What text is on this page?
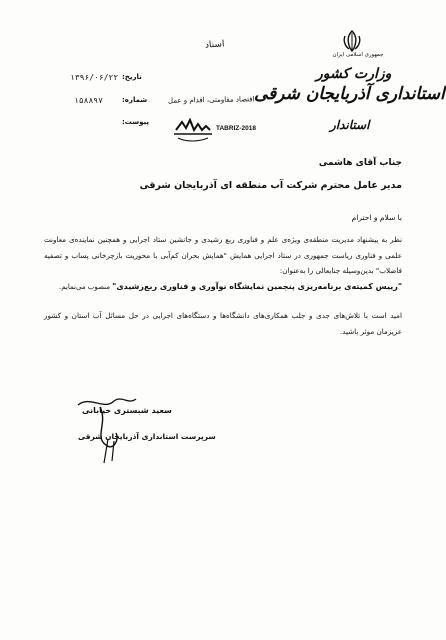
جمهوری اسلامی ایران
اسناد
وزارت کشور
استانداری آذربایجان شرقی
استاندار
اقتصاد مقاومتی، اقدام و عمل
تاریخ:
۱۳۹۶/۰۶/۲۲
شماره:
۱۵۸۸۹۷
پیوست:
TABRIZ-2018
جناب آقای هاشمی
مدیر عامل محترم شرکت آب منطقه ای آذربایجان شرقی
با سلام و احترام
نظر به پیشنهاد مدیریت منطقه‌ی ویژه‌ی علم و فناوری ربع رشیدی و جانشین ستاد اجرایی و همچنین نماینده‌ی معاونت علمی و فناوری ریاست جمهوری در ستاد اجرایی همایش "همایش بحران کم‌آبی با محوریت بازچرخانی پساب و تصفیه فاضلاب" بدین‌وسیله جنابعالی را به‌عنوان:
"رییس کمیته‌ی برنامه‌ریزی پنجمین نمایشگاه نوآوری و فناوری ربع‌رشیدی" منصوب می‌نمایم.
امید است با تلاش‌های جدی و جلب همکاری‌های دانشگاه‌ها و دستگاه‌های اجرایی در حل مسائل آب استان و کشور عزیزمان موثر باشید.
سعید شبستری خیابانی
سرپرست استانداری آذربایجان شرقی
